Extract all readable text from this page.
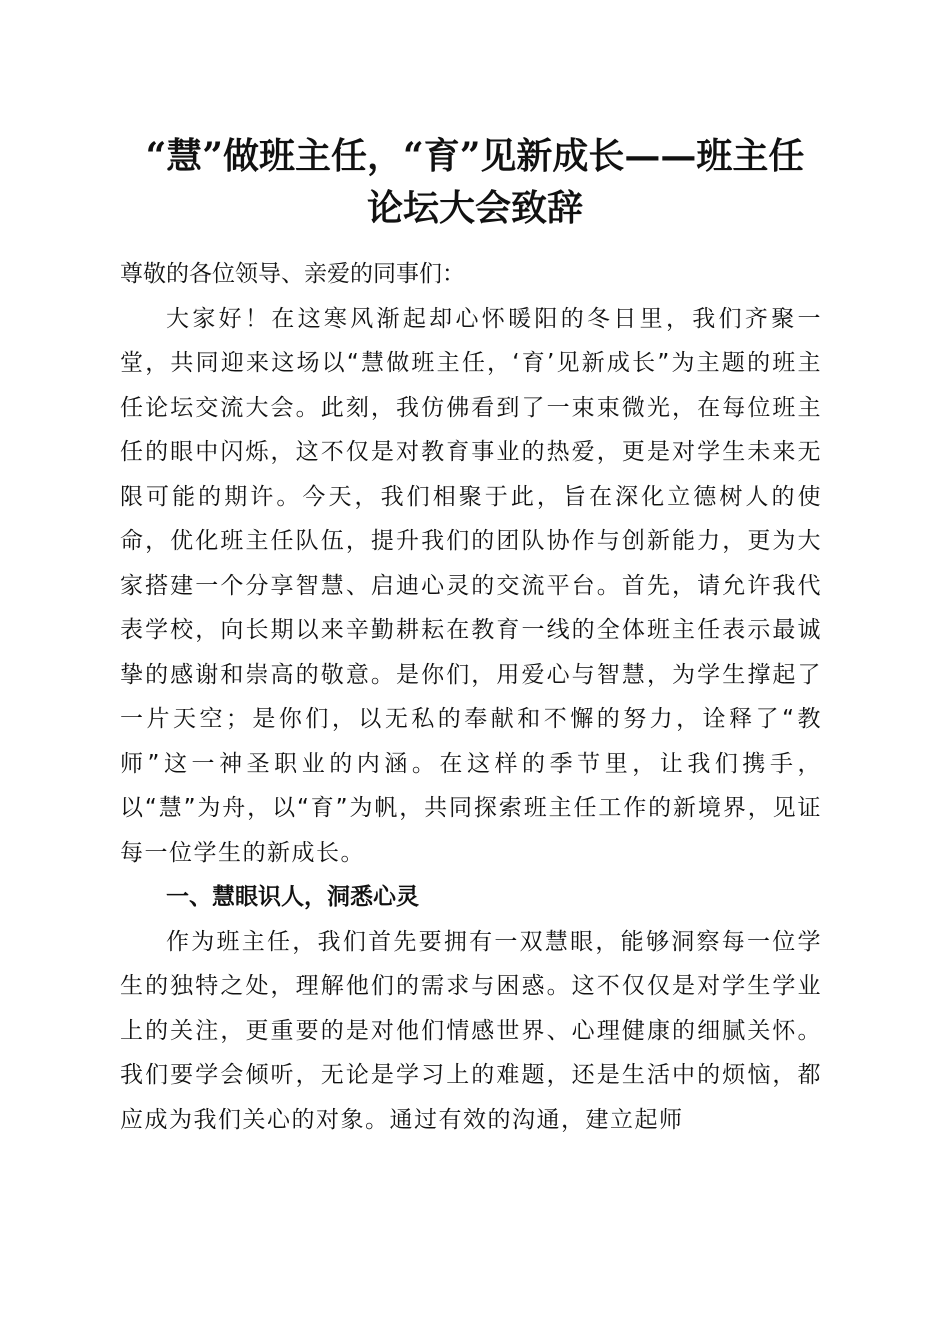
“慧”做班主任，“育”见新成长——班主任
论坛大会致辞

尊敬的各位领导、亲爱的同事们：

大家好！在这寒风渐起却心怀暖阳的冬日里，我们齐聚一堂，共同迎来这场以“慧做班主任，‘育’见新成长”为主题的班主任论坛交流大会。此刻，我仿佛看到了一束束微光，在每位班主任的眼中闪烁，这不仅是对教育事业的热爱，更是对学生未来无限可能的期许。今天，我们相聚于此，旨在深化立德树人的使命，优化班主任队伍，提升我们的团队协作与创新能力，更为大家搭建一个分享智慧、启迪心灵的交流平台。首先，请允许我代表学校，向长期以来辛勤耕耘在教育一线的全体班主任表示最诚挚的感谢和崇高的敬意。是你们，用爱心与智慧，为学生撑起了一片天空；是你们，以无私的奉献和不懈的努力，诠释了“教师”这一神圣职业的内涵。在这样的季节里，让我们携手，以“慧”为舟，以“育”为帆，共同探索班主任工作的新境界，见证每一位学生的新成长。

一、慧眼识人，洞悉心灵

作为班主任，我们首先要拥有一双慧眼，能够洞察每一位学生的独特之处，理解他们的需求与困惑。这不仅仅是对学生学业上的关注，更重要的是对他们情感世界、心理健康的细腻关怀。我们要学会倾听，无论是学习上的难题，还是生活中的烦恼，都应成为我们关心的对象。通过有效的沟通，建立起师
